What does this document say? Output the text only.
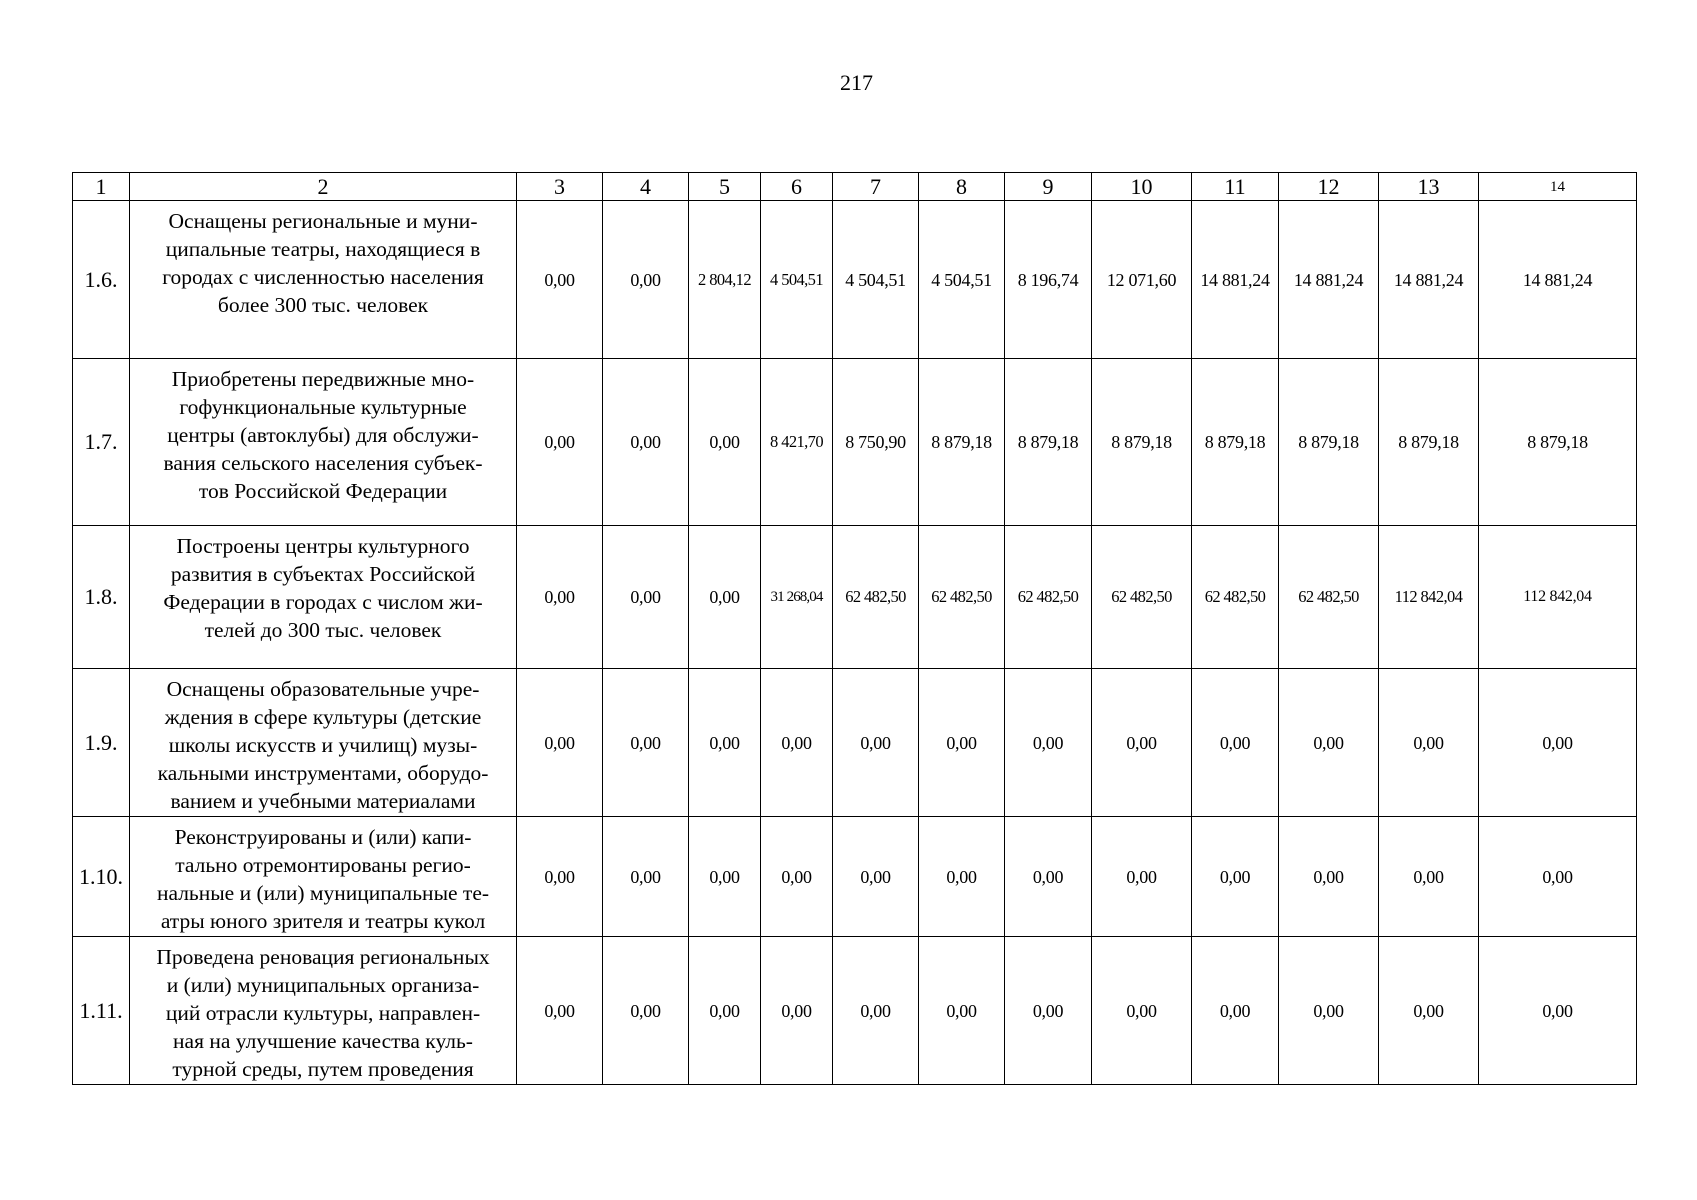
217
1	2	3	4	5	6	7	8	9	10	11	12	13	14
1.6.	Оснащены региональные и муни-
ципальные театры, находящиеся в
городах с численностью населения
более 300 тыс. человек	0,00	0,00	2 804,12	4 504,51	4 504,51	4 504,51	8 196,74	12 071,60	14 881,24	14 881,24	14 881,24	14 881,24
1.7.	Приобретены передвижные мно-
гофункциональные культурные
центры (автоклубы) для обслужи-
вания сельского населения субъек-
тов Российской Федерации	0,00	0,00	0,00	8 421,70	8 750,90	8 879,18	8 879,18	8 879,18	8 879,18	8 879,18	8 879,18	8 879,18
1.8.	Построены центры культурного
развития в субъектах Российской
Федерации в городах с числом жи-
телей до 300 тыс. человек	0,00	0,00	0,00	31 268,04	62 482,50	62 482,50	62 482,50	62 482,50	62 482,50	62 482,50	112 842,04	112 842,04
1.9.	Оснащены образовательные учре-
ждения в сфере культуры (детские
школы искусств и училищ) музы-
кальными инструментами, оборудо-
ванием и учебными материалами	0,00	0,00	0,00	0,00	0,00	0,00	0,00	0,00	0,00	0,00	0,00	0,00
1.10.	Реконструированы и (или) капи-
тально отремонтированы регио-
нальные и (или) муниципальные те-
атры юного зрителя и театры кукол	0,00	0,00	0,00	0,00	0,00	0,00	0,00	0,00	0,00	0,00	0,00	0,00
1.11.	Проведена реновация региональных
и (или) муниципальных организа-
ций отрасли культуры, направлен-
ная на улучшение качества куль-
турной среды, путем проведения	0,00	0,00	0,00	0,00	0,00	0,00	0,00	0,00	0,00	0,00	0,00	0,00
